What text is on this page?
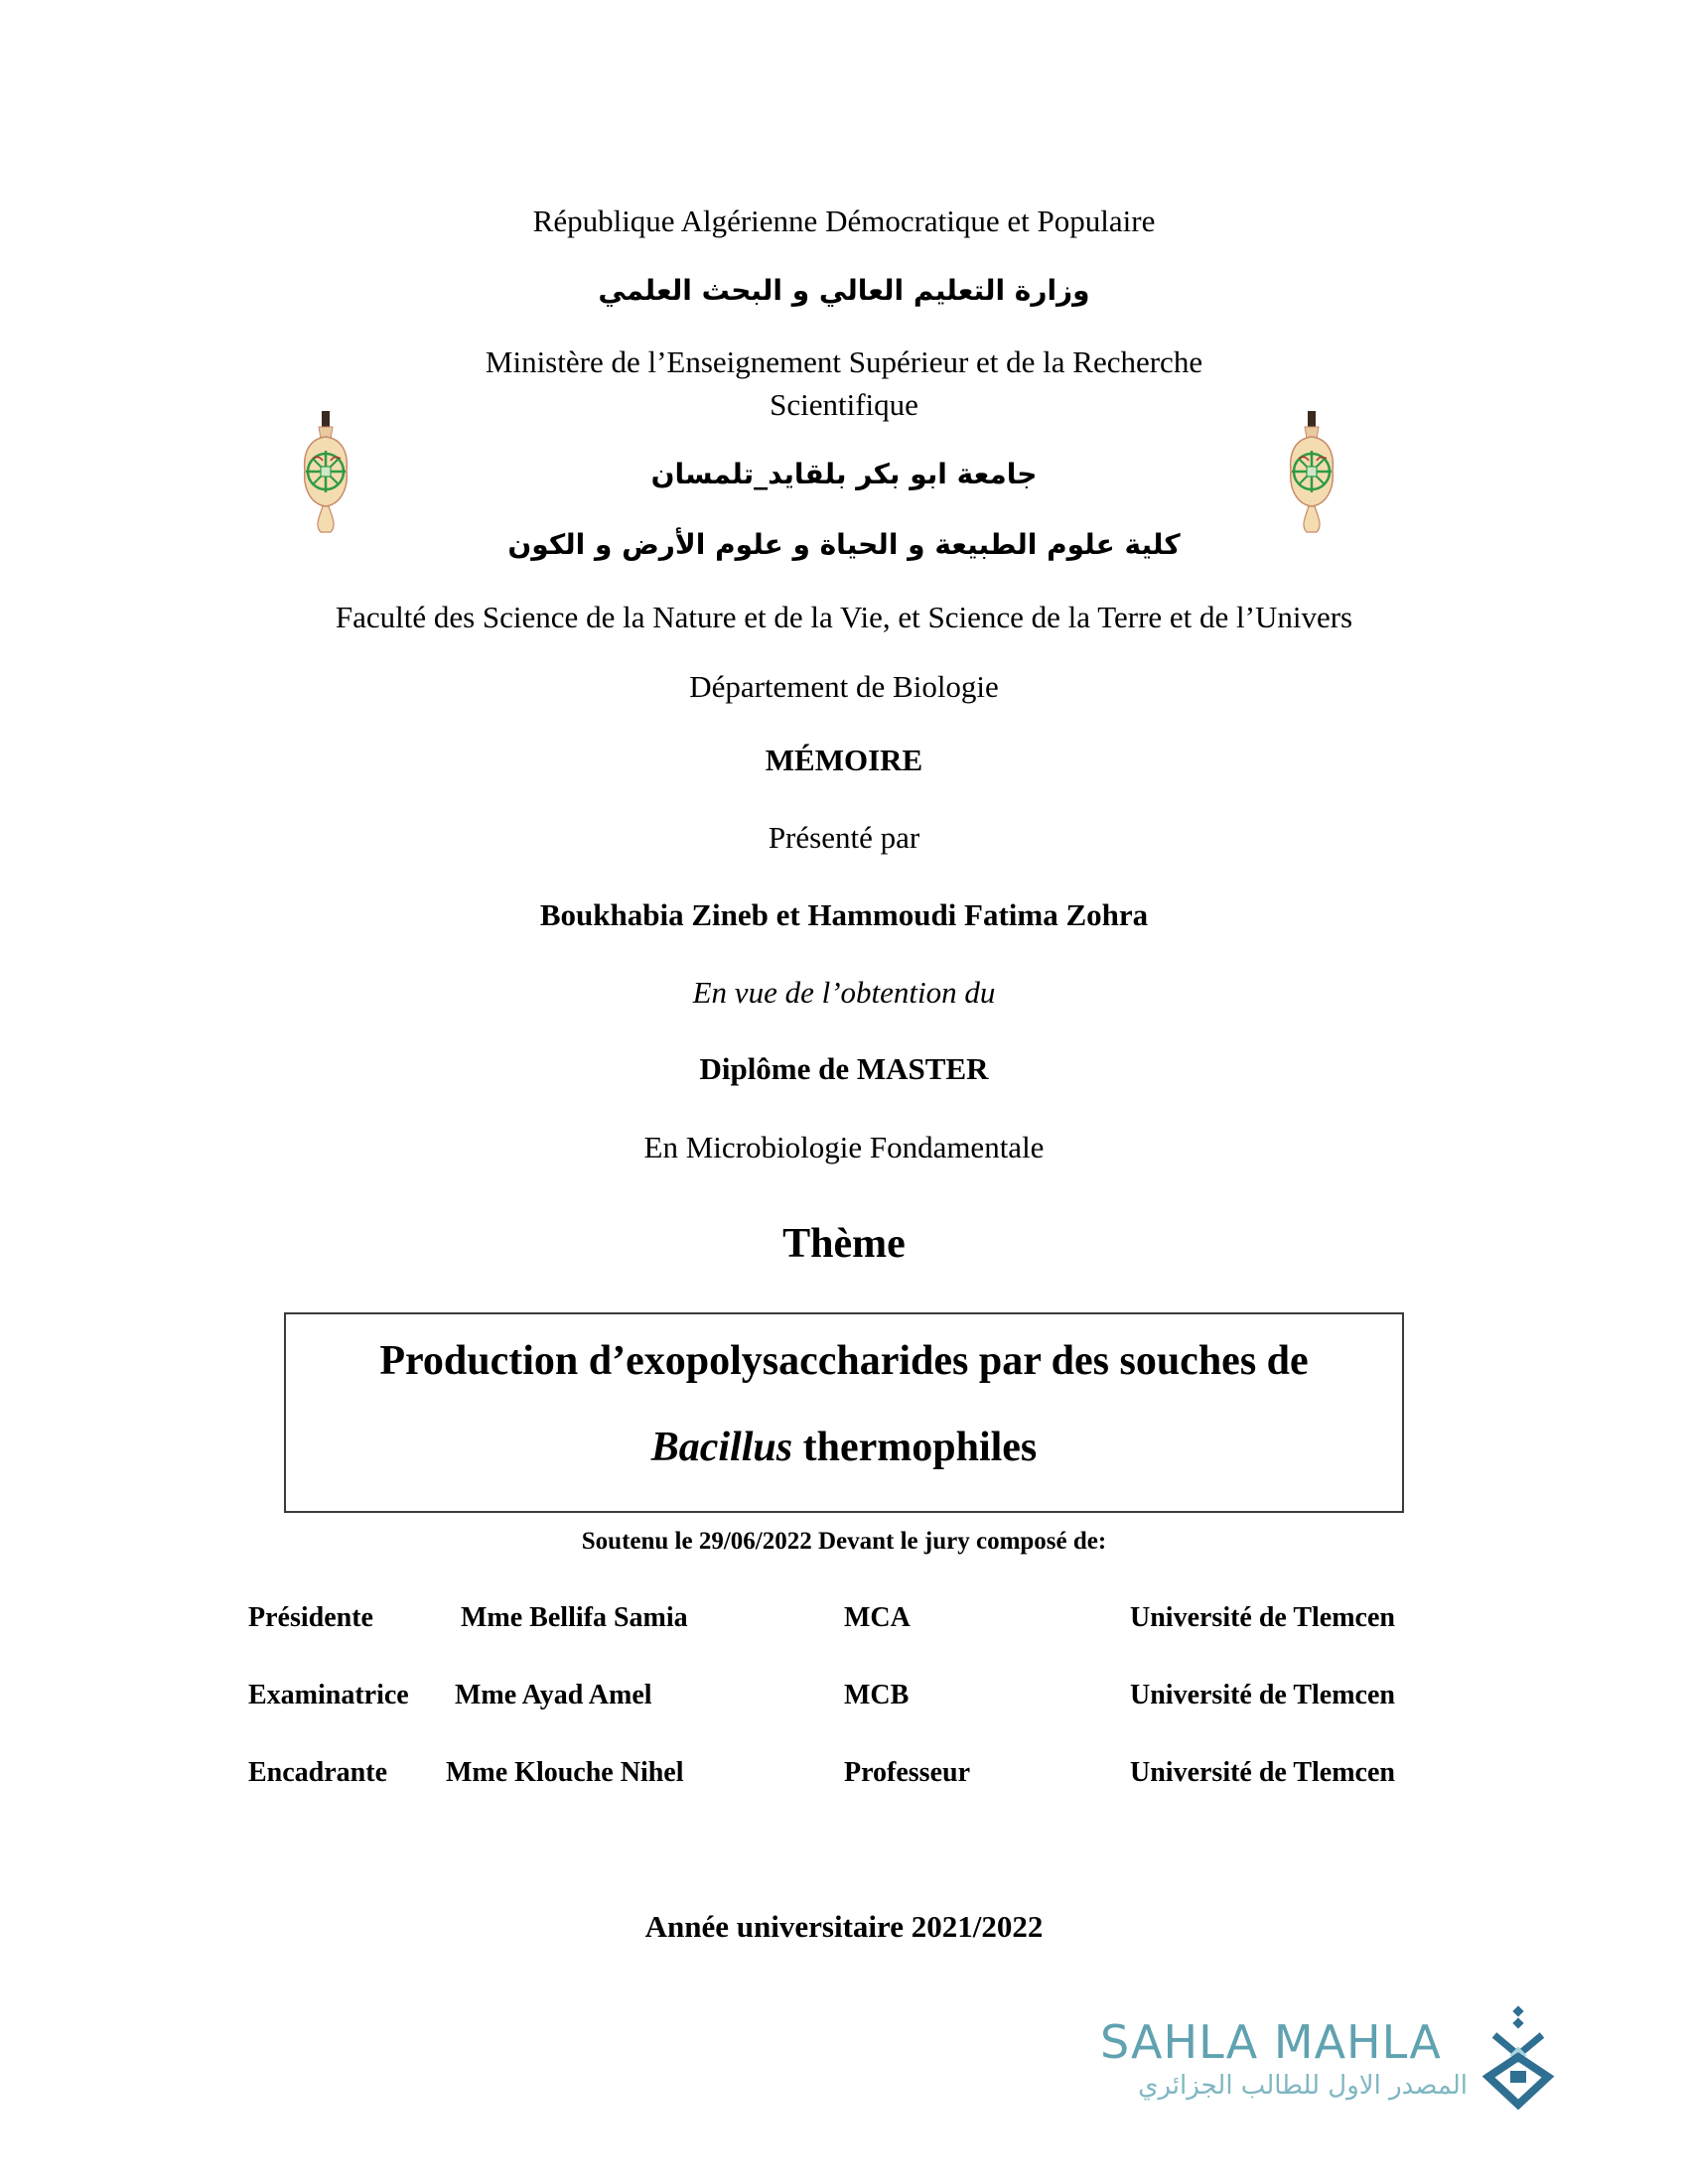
République Algérienne Démocratique et Populaire
وزارة التعليم العالي و البحث العلمي
Ministère de l’Enseignement Supérieur et de la Recherche
Scientifique
جامعة ابو بكر بلقايد_تلمسان
كلية علوم الطبيعة و الحياة و علوم الأرض و الكون
Faculté des Science de la Nature et de la Vie, et Science de la Terre et de l’Univers
Département de Biologie
MÉMOIRE
Présenté par
Boukhabia Zineb et Hammoudi Fatima Zohra
En vue de l’obtention du
Diplôme de MASTER
En Microbiologie Fondamentale
Thème
Production d’exopolysaccharides par des souches de
Bacillus thermophiles
Soutenu le 29/06/2022 Devant le jury composé de:
Présidente	Mme Bellifa Samia	MCA	Université de Tlemcen
Examinatrice Mme Ayad Amel	MCB	Université de Tlemcen
Encadrante Mme Klouche Nihel	Professeur	Université de Tlemcen
Année universitaire 2021/2022
SAHLA MAHLA
المصدر الاول للطالب الجزائري
